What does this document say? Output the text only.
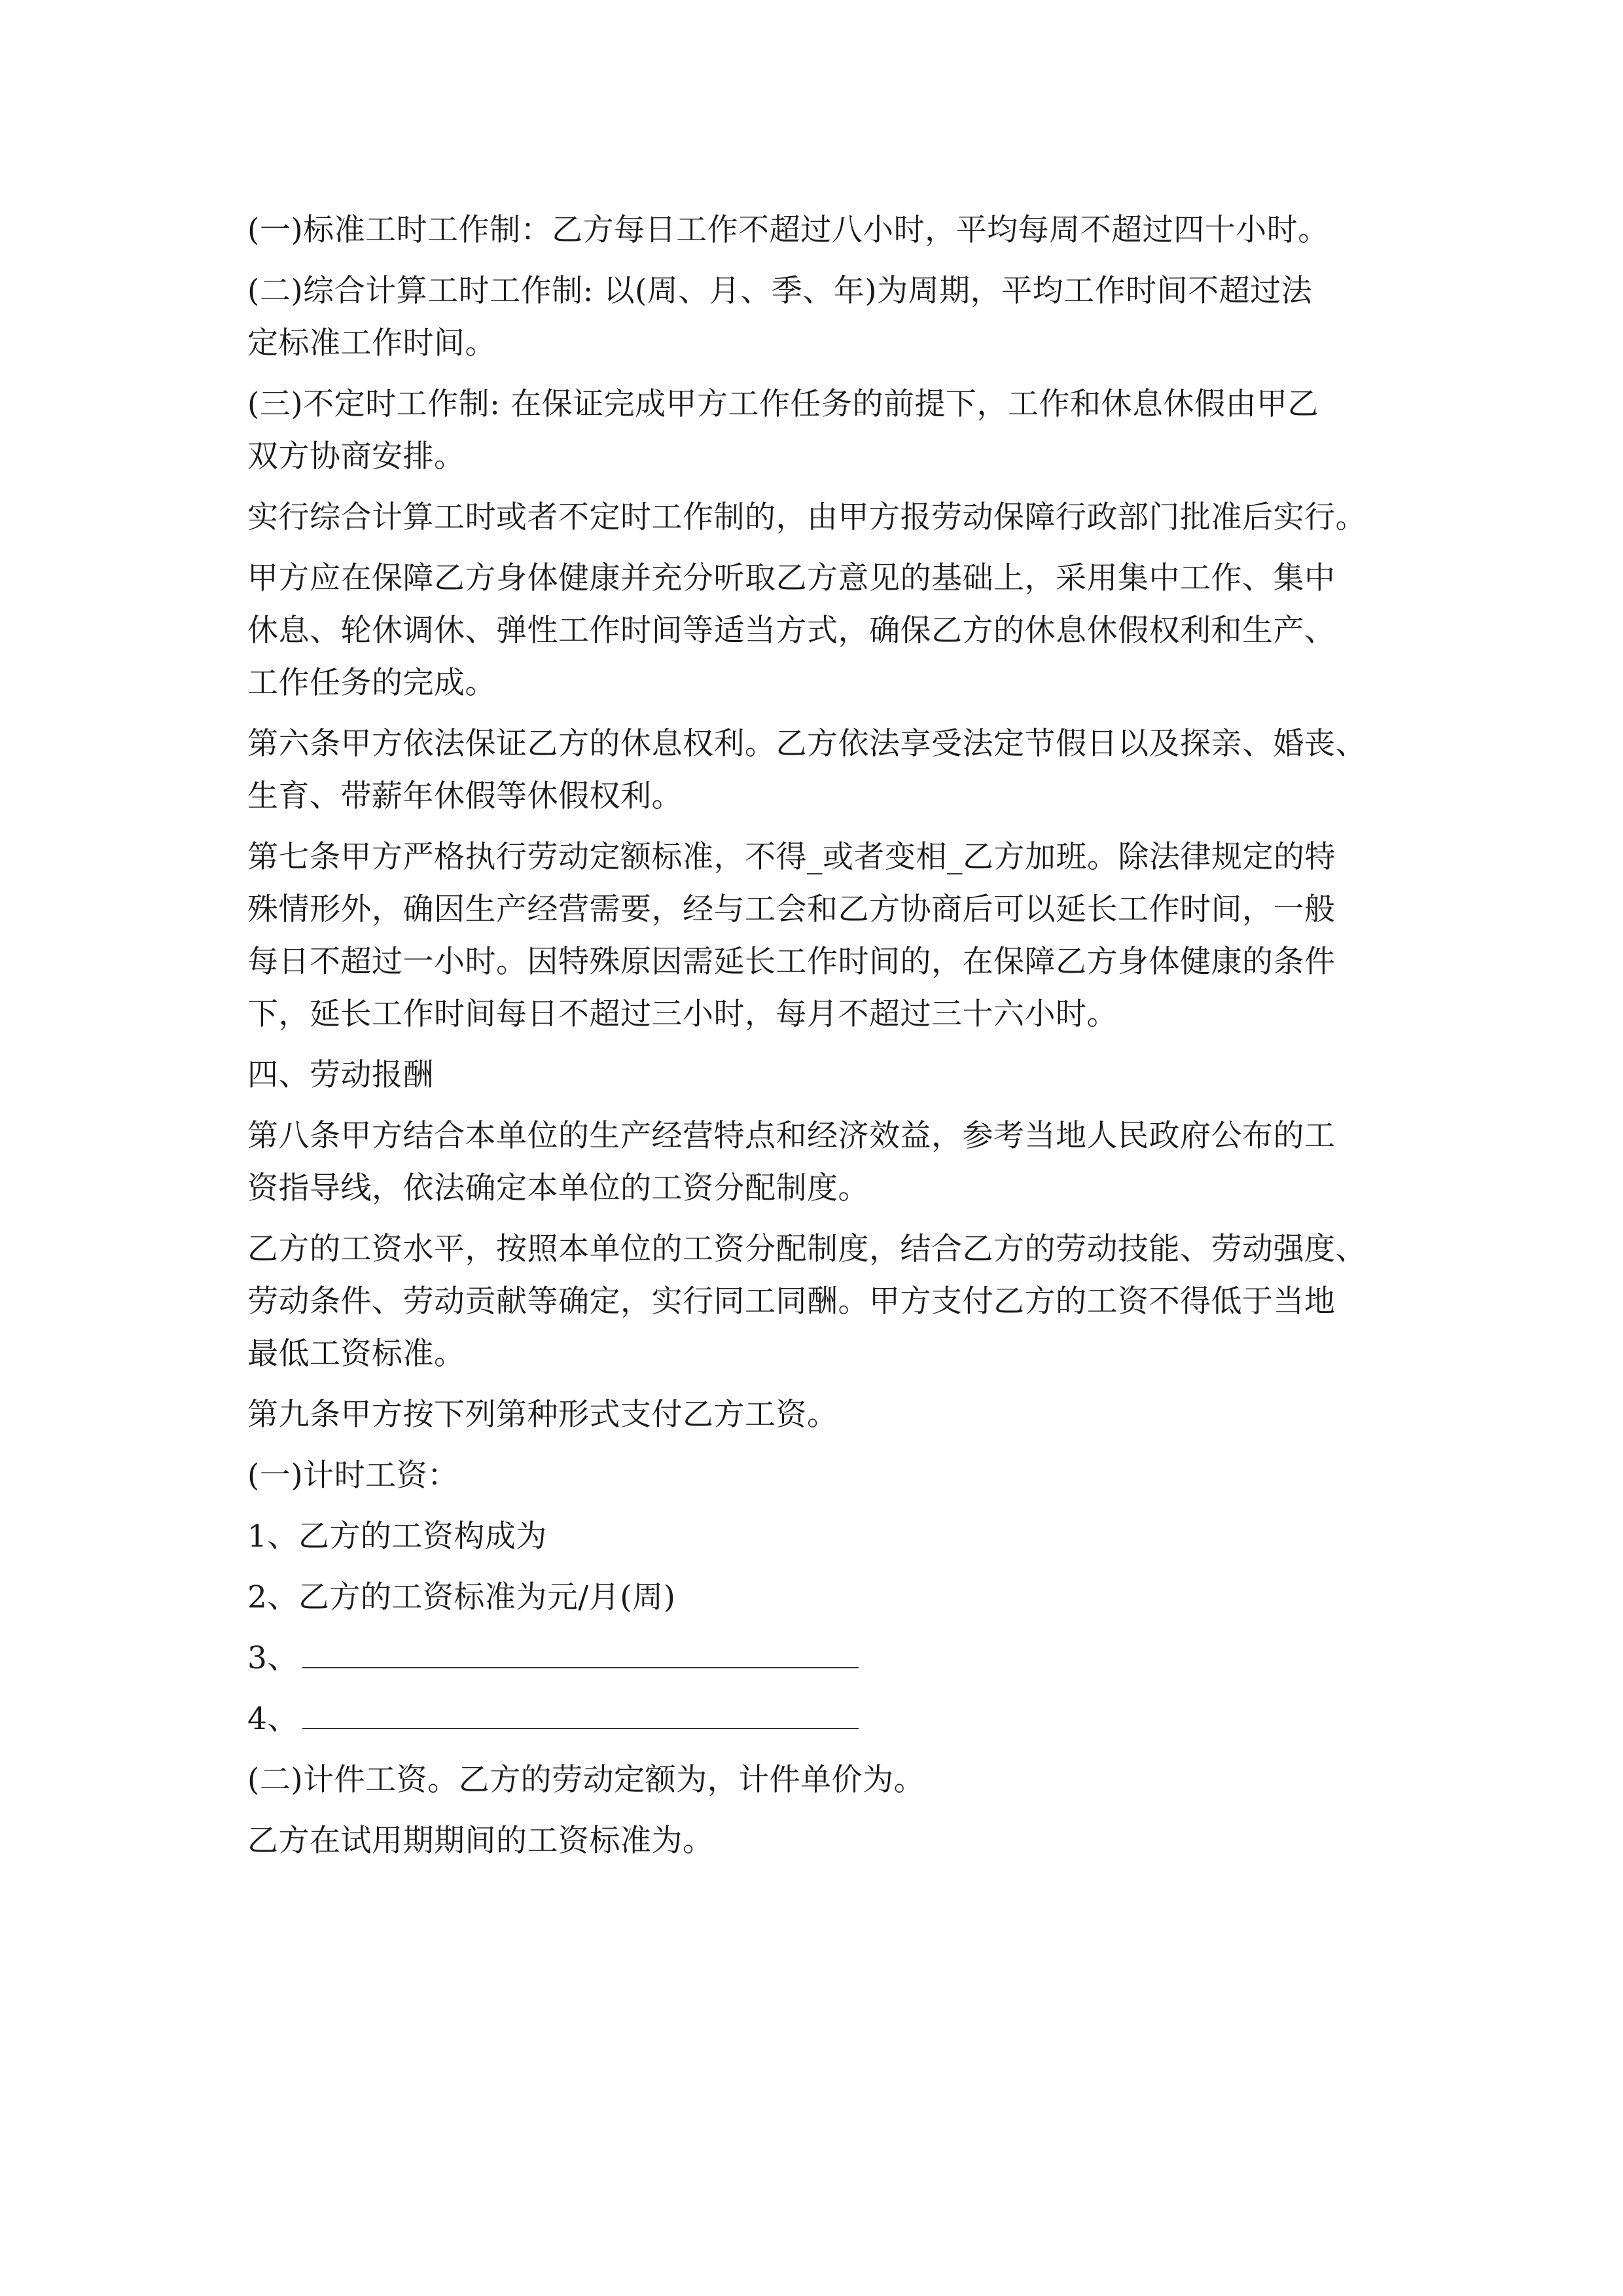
(一)标准工时工作制：乙方每日工作不超过八小时，平均每周不超过四十小时。
(二)综合计算工时工作制: 以(周、月、季、年)为周期，平均工作时间不超过法
定标准工作时间。
(三)不定时工作制: 在保证完成甲方工作任务的前提下，工作和休息休假由甲乙
双方协商安排。
实行综合计算工时或者不定时工作制的，由甲方报劳动保障行政部门批准后实行。
甲方应在保障乙方身体健康并充分听取乙方意见的基础上，采用集中工作、集中
休息、轮休调休、弹性工作时间等适当方式，确保乙方的休息休假权利和生产、
工作任务的完成。
第六条甲方依法保证乙方的休息权利。乙方依法享受法定节假日以及探亲、婚丧、
生育、带薪年休假等休假权利。
第七条甲方严格执行劳动定额标准，不得_或者变相_乙方加班。除法律规定的特
殊情形外，确因生产经营需要，经与工会和乙方协商后可以延长工作时间，一般
每日不超过一小时。因特殊原因需延长工作时间的，在保障乙方身体健康的条件
下，延长工作时间每日不超过三小时，每月不超过三十六小时。
四、劳动报酬
第八条甲方结合本单位的生产经营特点和经济效益，参考当地人民政府公布的工
资指导线，依法确定本单位的工资分配制度。
乙方的工资水平，按照本单位的工资分配制度，结合乙方的劳动技能、劳动强度、
劳动条件、劳动贡献等确定，实行同工同酬。甲方支付乙方的工资不得低于当地
最低工资标准。
第九条甲方按下列第种形式支付乙方工资。
(一)计时工资：
1、乙方的工资构成为
2、乙方的工资标准为元/月(周)
3、
4、
(二)计件工资。乙方的劳动定额为，计件单价为。
乙方在试用期期间的工资标准为。
